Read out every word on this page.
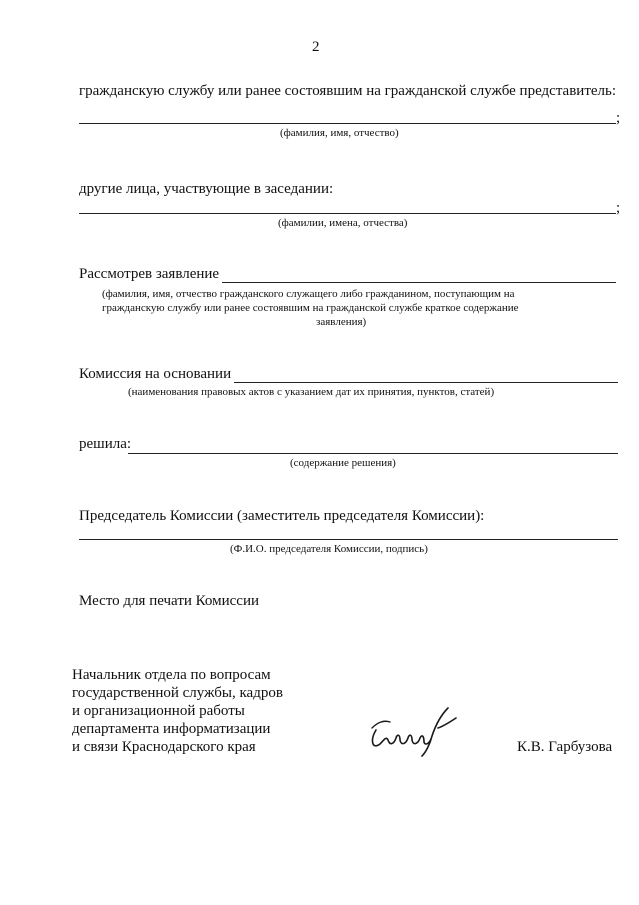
2
гражданскую службу или ранее состоявшим на гражданской службе представитель:
;
(фамилия, имя, отчество)
другие лица, участвующие в заседании:
;
(фамилии, имена, отчества)
Рассмотрев заявление
(фамилия, имя, отчество гражданского служащего либо гражданином, поступающим на
гражданскую службу или ранее состоявшим на гражданской службе краткое содержание
заявления)
Комиссия на основании
(наименования правовых актов с указанием дат их принятия, пунктов, статей)
решила:
(содержание решения)
Председатель Комиссии (заместитель председателя Комиссии):
(Ф.И.О. председателя Комиссии, подпись)
Место для печати Комиссии
Начальник отдела по вопросам
государственной службы, кадров
и организационной работы
департамента информатизации
и связи Краснодарского края	К.В. Гарбузова
